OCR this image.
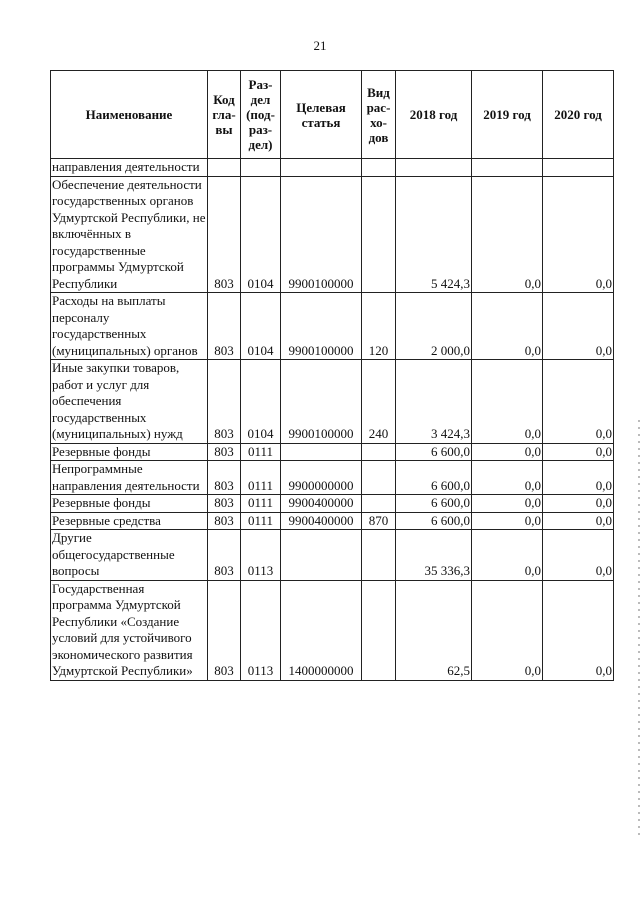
21
Наименование	Код гла-вы	Раз-дел (под-раз-дел)	Целевая статья	Вид рас-хо-дов	2018 год	2019 год	2020 год
направления деятельности							
Обеспечение деятельности государственных органов Удмуртской Республики, не включённых в государственные программы Удмуртской Республики	803	0104	9900100000		5 424,3	0,0	0,0
Расходы на выплаты персоналу государственных (муниципальных) органов	803	0104	9900100000	120	2 000,0	0,0	0,0
Иные закупки товаров, работ и услуг для обеспечения государственных (муниципальных) нужд	803	0104	9900100000	240	3 424,3	0,0	0,0
Резервные фонды	803	0111			6 600,0	0,0	0,0
Непрограммные направления деятельности	803	0111	9900000000		6 600,0	0,0	0,0
Резервные фонды	803	0111	9900400000		6 600,0	0,0	0,0
Резервные средства	803	0111	9900400000	870	6 600,0	0,0	0,0
Другие общегосударственные вопросы	803	0113			35 336,3	0,0	0,0
Государственная программа Удмуртской Республики «Создание условий для устойчивого экономического развития Удмуртской Республики»	803	0113	1400000000		62,5	0,0	0,0
